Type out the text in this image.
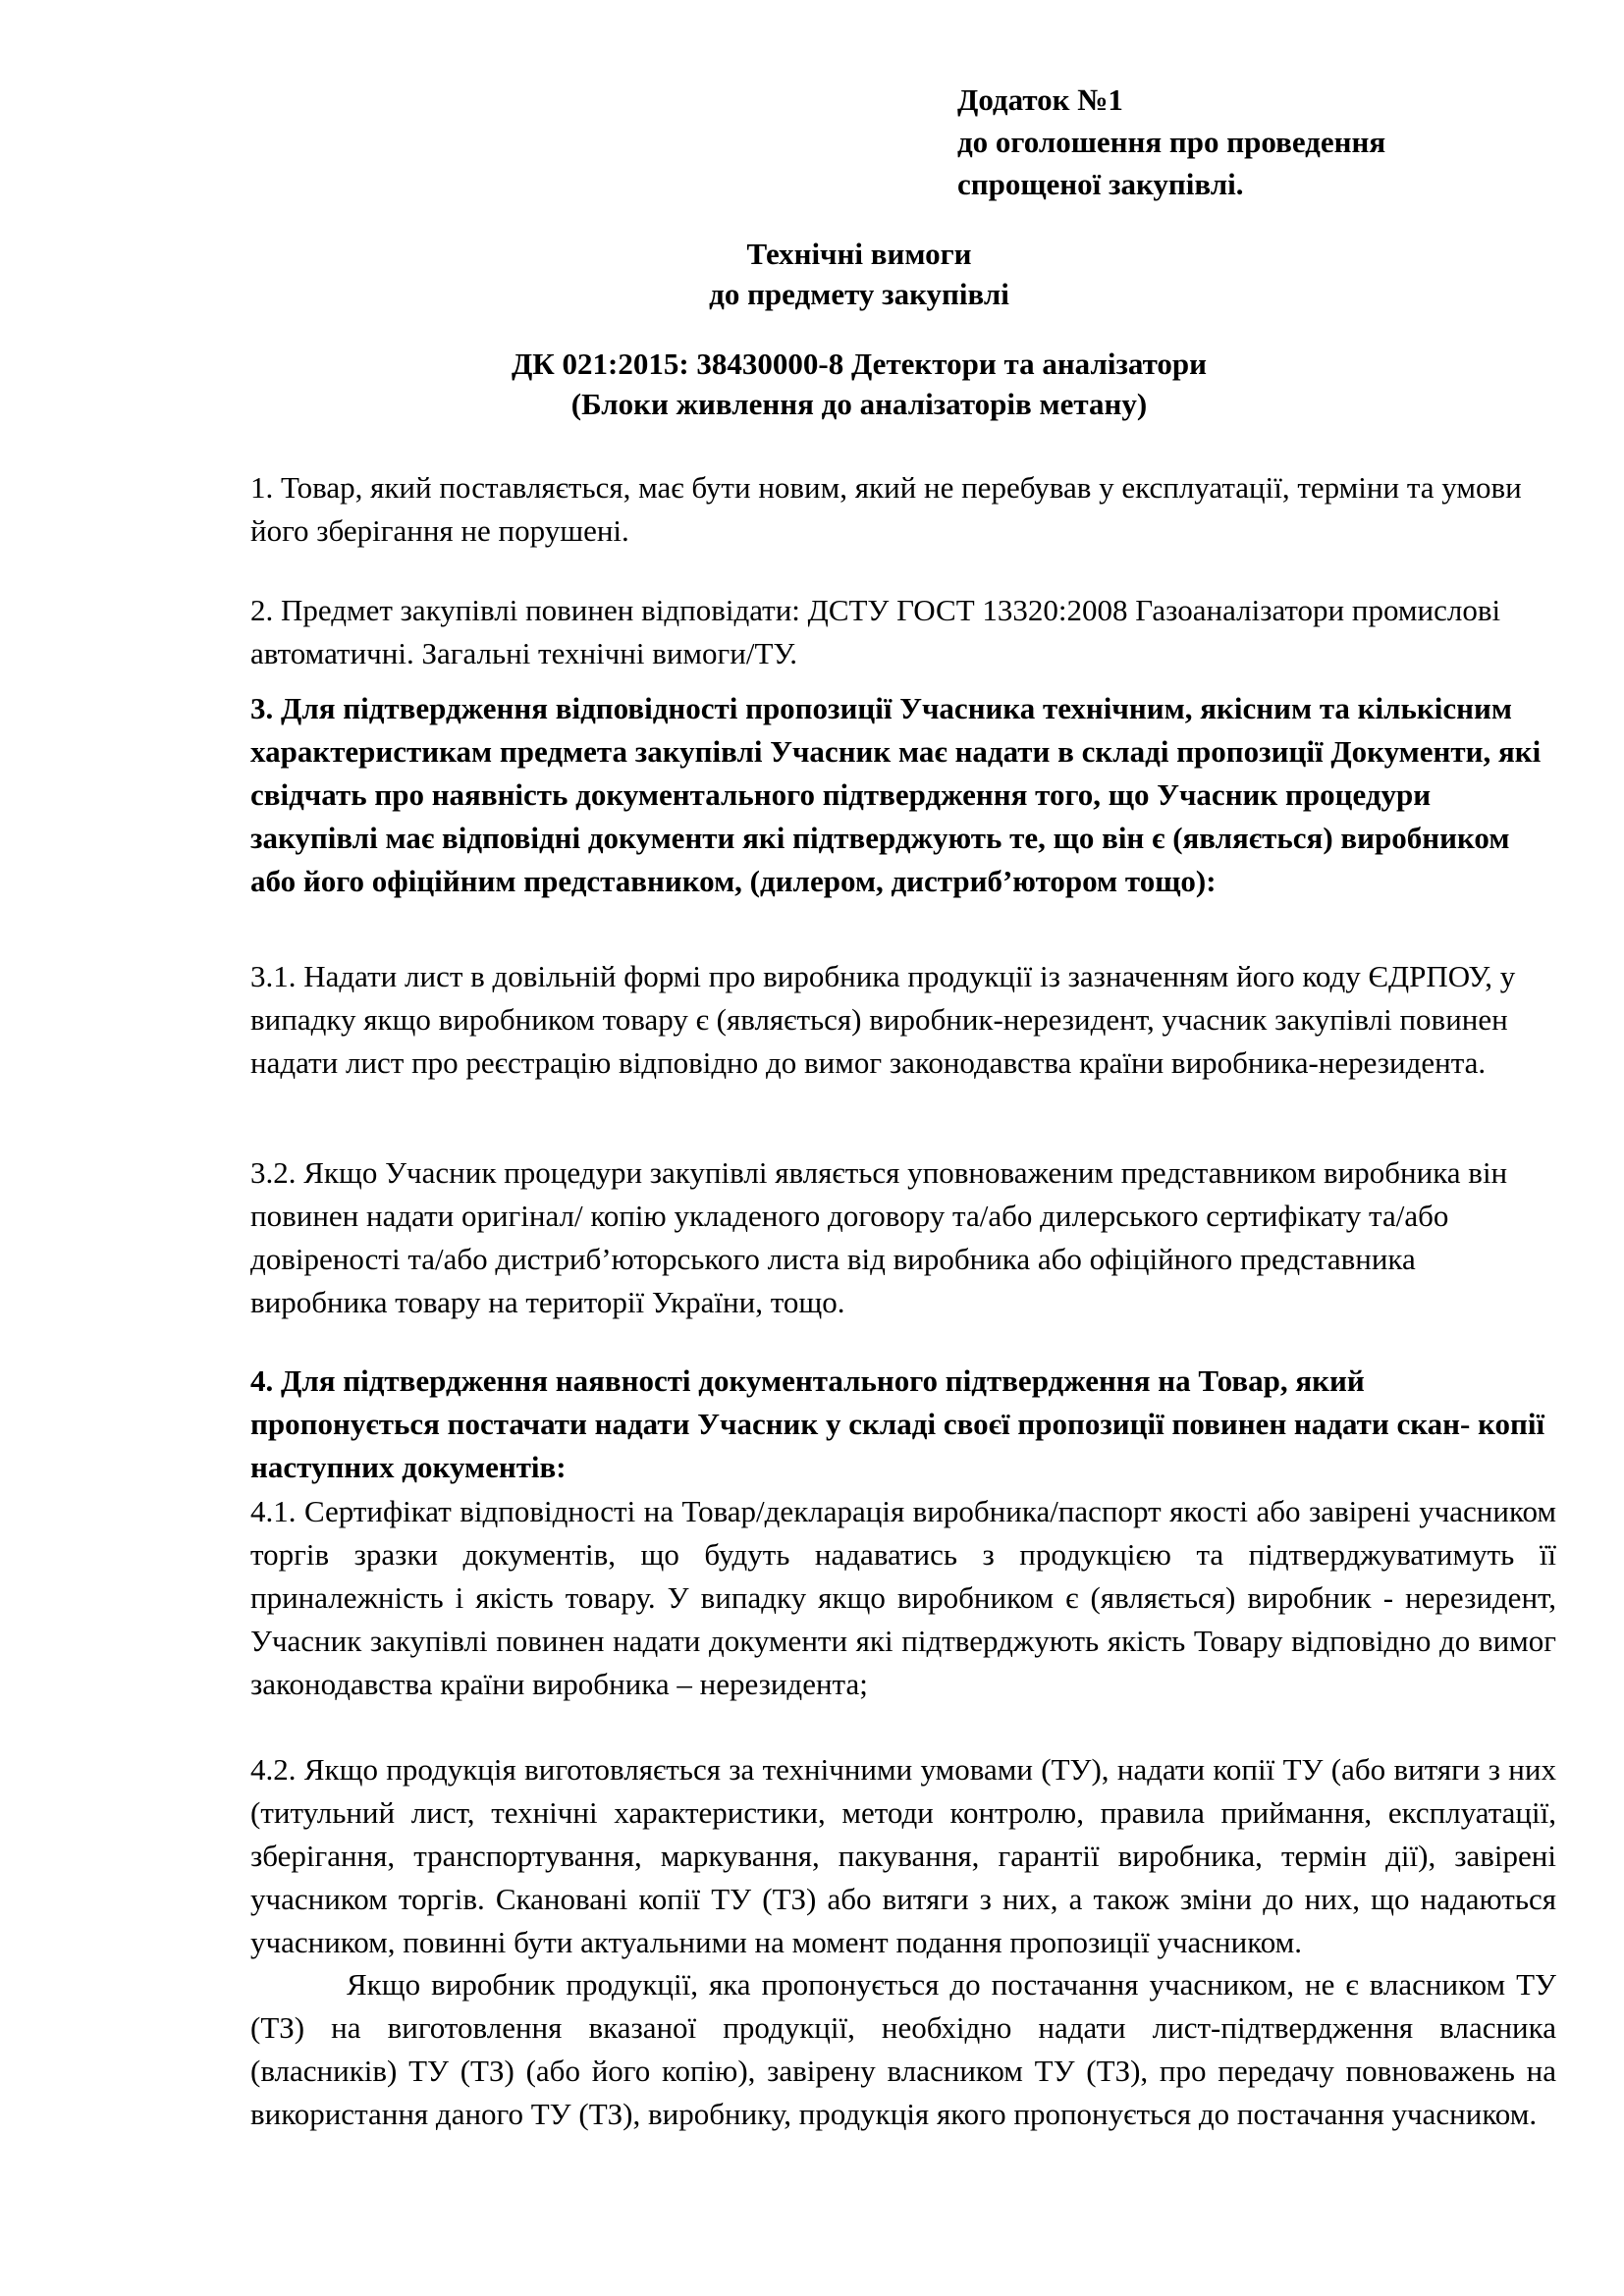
Додаток №1
до оголошення про проведення
спрощеної закупівлі.
Технічні вимоги
до предмету закупівлі
ДК 021:2015: 38430000-8 Детектори та аналізатори
(Блоки живлення до аналізаторів метану)
1. Товар, який поставляється, має бути новим, який не перебував у експлуатації, терміни та умови його зберігання не порушені.
2. Предмет закупівлі повинен відповідати: ДСТУ ГОСТ 13320:2008 Газоаналізатори промислові автоматичні. Загальні технічні вимоги/ТУ.
3. Для підтвердження відповідності пропозиції Учасника технічним, якісним та кількісним характеристикам предмета закупівлі Учасник має надати в складі пропозиції Документи, які свідчать про наявність документального підтвердження того, що Учасник процедури закупівлі має відповідні документи які підтверджують те, що він є (являється) виробником або його офіційним представником, (дилером, дистриб’ютором тощо):
3.1. Надати лист в довільній формі про виробника продукції із зазначенням його коду ЄДРПОУ, у випадку якщо виробником товару є (являється) виробник-нерезидент, учасник закупівлі повинен надати лист про реєстрацію відповідно до вимог законодавства країни виробника-нерезидента.
3.2. Якщо Учасник процедури закупівлі являється уповноваженим представником виробника він повинен надати оригінал/ копію укладеного договору та/або дилерського сертифікату та/або довіреності та/або дистриб’юторського листа від виробника або офіційного представника виробника товару на території України, тощо.
4. Для підтвердження наявності документального підтвердження на Товар, який пропонується постачати надати Учасник у складі своєї пропозиції повинен надати скан- копії наступних документів:
4.1. Сертифікат відповідності на Товар/декларація виробника/паспорт якості або завірені учасником торгів зразки документів, що будуть надаватись з продукцією та підтверджуватимуть її приналежність і якість товару. У випадку якщо виробником є (являється) виробник - нерезидент, Учасник закупівлі повинен надати документи які підтверджують якість Товару відповідно до вимог законодавства країни виробника – нерезидента;
4.2. Якщо продукція виготовляється за технічними умовами (ТУ), надати копії ТУ (або витяги з них (титульний лист, технічні характеристики, методи контролю, правила приймання, експлуатації, зберігання, транспортування, маркування, пакування, гарантії виробника, термін дії), завірені учасником торгів. Скановані копії ТУ (ТЗ) або витяги з них, а також зміни до них, що надаються учасником, повинні бути актуальними на момент подання пропозиції учасником.
Якщо виробник продукції, яка пропонується до постачання учасником, не є власником ТУ (ТЗ) на виготовлення вказаної продукції, необхідно надати лист-підтвердження власника (власників) ТУ (ТЗ) (або його копію), завірену власником ТУ (ТЗ), про передачу повноважень на використання даного ТУ (ТЗ), виробнику, продукція якого пропонується до постачання учасником.
